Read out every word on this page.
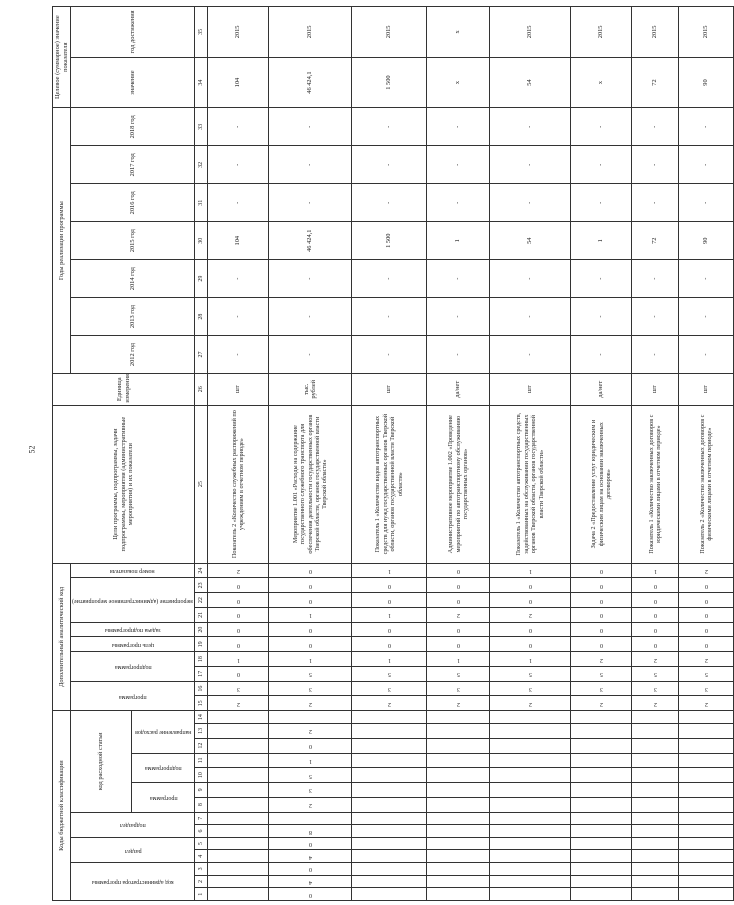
52
Коды бюджетной классификации														Дополнительный аналитический код										Цели программы, подпрограммы, задачи подпрограммы, мероприятия (административные мероприятия) и их показатели	Единица измерения	Годы реализации программы							Целевое (суммарное) значение показателя	

код администратора программы			раздел		подраздел		код расходной статьи							программа		подпрограмма		цель программы	задача подпрограммы	мероприятие (административное мероприятие)			номер показателя			2012 год	2013 год	2014 год	2015 год	2016 год	2017 год	2018 год	значение	год достижения

							программа		подпрограмма		направление расходов																							

1	2	3	4	5	6	7	8	9	10	11	12	13	14	15	16	17	18	19	20	21	22	23	24	25	26	27	28	29	30	31	32	33	34	35

														2	3	0	1	0	0	0	0	0	2	Показатель 2 «Количество служебных распоряжений по учреждениям в отчетном периоде»	шт	-	-	-	104	-	-	-	104	2015

0	4	0	4	0	8		2	3	5	1	0	2		2	3	5	1	0	0	1	0	0	0	Мероприятие 1.001 «Расходы на содержание государственного служебного транспорта для обеспечения деятельности государственных органов Тверской области, органов государственной власти Тверской области»	тыс. рублей	-	-	-	46 424,1	-	-	-	46 424,1	2015

														2	3	5	1	0	0	1	0	0	1	Показатель 1 «Количество видов автотранспортных средств для нужд государственных органов Тверской области, органов государственной власти Тверской области»	шт	-	-	-	1 500	-	-	-	1 500	2015

														2	3	5	1	0	0	2	0	0	0	Административное мероприятие 1.002 «Проведение мероприятий по автотранспортному обслуживанию государственных органов»	да/нет	-	-	-	1	-	-	-	x	x

														2	3	5	1	0	0	2	0	0	1	Показатель 1 «Количество автотранспортных средств, задействованных на обслуживании государственных органов Тверской области, органов государственной власти Тверской области»	шт	-	-	-	54	-	-	-	54	2015

														2	3	5	2	0	0	0	0	0	0	Задача 2 «Предоставление услуг юридическим и физическим лицам на основании заключенных договоров»	да/нет	-	-	-	1	-	-	-	x	2015

														2	3	5	2	0	0	0	0	0	1	Показатель 1 «Количество заключенных договоров с юридическими лицами в отчетном периоде»	шт	-	-	-	72	-	-	-	72	2015

														2	3	5	2	0	0	0	0	0	2	Показатель 2 «Количество заключенных договоров с физическими лицами в отчетном периоде»	шт	-	-	-	90	-	-	-	90	2015
